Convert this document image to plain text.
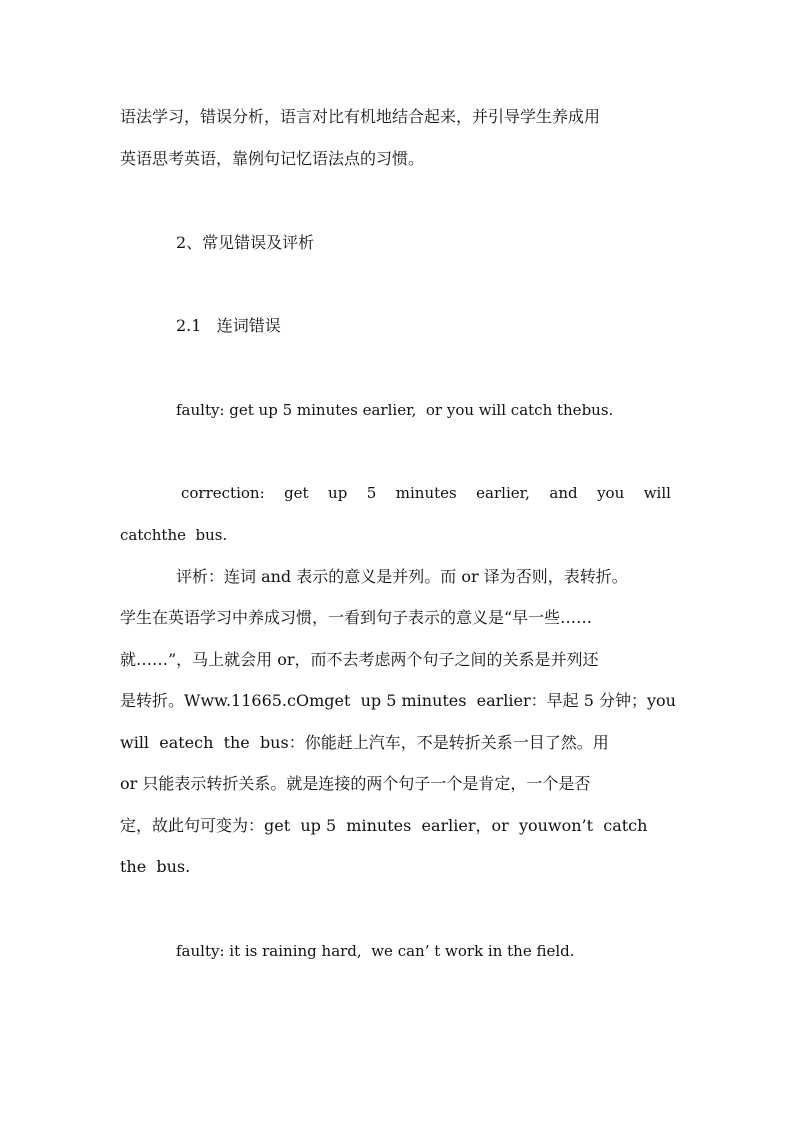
语法学习，错误分析，语言对比有机地结合起来，并引导学生养成用
英语思考英语，靠例句记忆语法点的习惯。
2、常见错误及评析
2.1   连词错误
faulty: get up 5 minutes earlier,  or you will catch thebus.
correction: get up 5 minutes earlier, and you will
catchthe  bus.
评析：连词 and 表示的意义是并列。而 or 译为否则，表转折。
学生在英语学习中养成习惯，一看到句子表示的意义是“早一些……
就……”，马上就会用 or，而不去考虑两个句子之间的关系是并列还
是转折。Www.11665.cOmget  up 5 minutes  earlier：早起 5 分钟；you
will  eatech  the  bus：你能赶上汽车，不是转折关系一目了然。用
or 只能表示转折关系。就是连接的两个句子一个是肯定，一个是否
定，故此句可变为：get  up 5  minutes  earlier，or  youwon’t  catch
the  bus.
faulty: it is raining hard,  we can’ t work in the field.
